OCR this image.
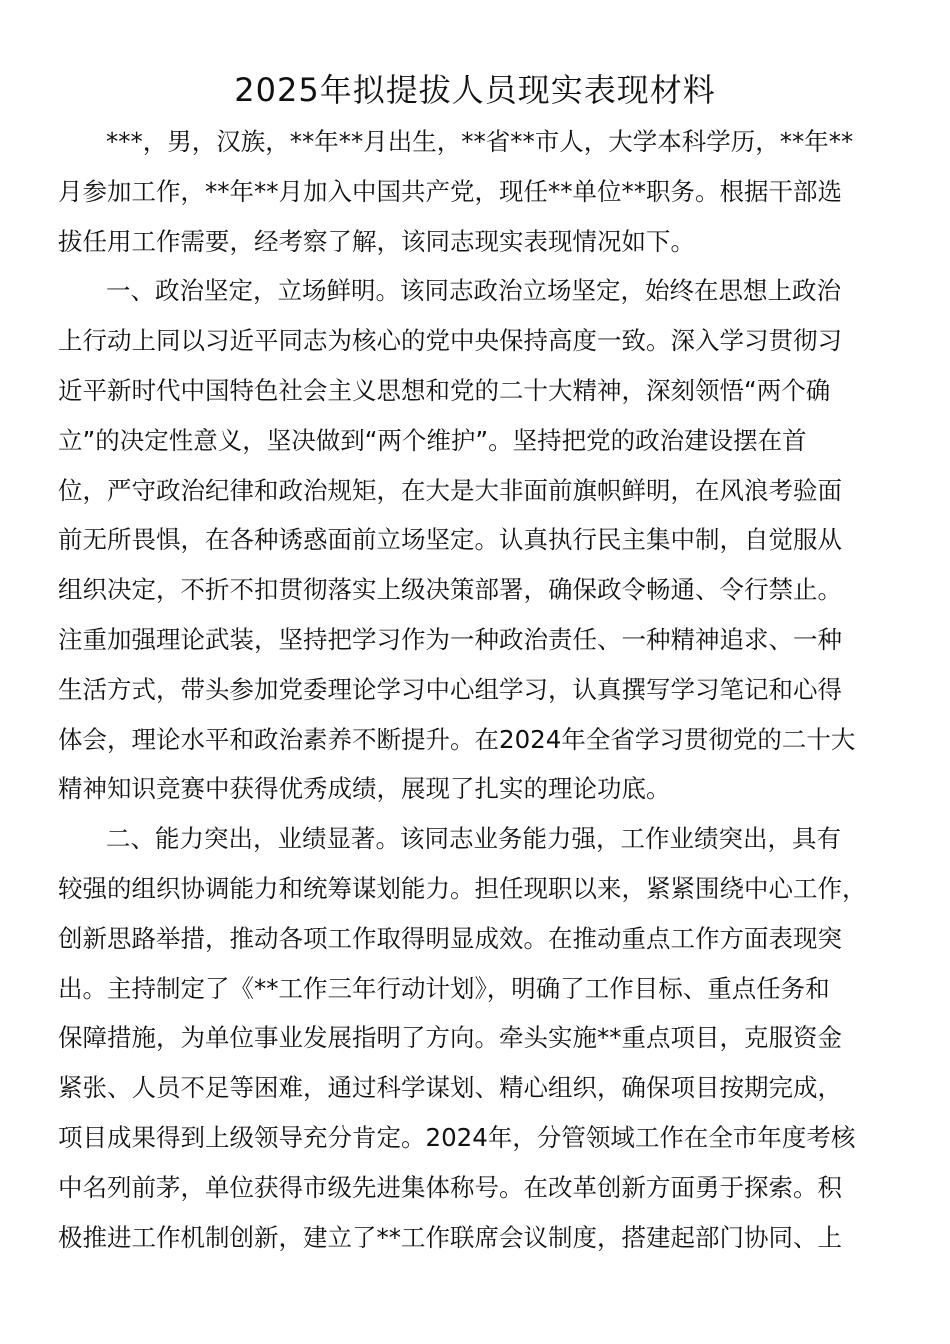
2025年拟提拔人员现实表现材料
***，男，汉族，**年**月出生，**省**市人，大学本科学历，**年**
月参加工作，**年**月加入中国共产党，现任**单位**职务。根据干部选
拔任用工作需要，经考察了解，该同志现实表现情况如下。
一、政治坚定，立场鲜明。该同志政治立场坚定，始终在思想上政治
上行动上同以习近平同志为核心的党中央保持高度一致。深入学习贯彻习
近平新时代中国特色社会主义思想和党的二十大精神，深刻领悟“两个确
立”的决定性意义，坚决做到“两个维护”。坚持把党的政治建设摆在首
位，严守政治纪律和政治规矩，在大是大非面前旗帜鲜明，在风浪考验面
前无所畏惧，在各种诱惑面前立场坚定。认真执行民主集中制，自觉服从
组织决定，不折不扣贯彻落实上级决策部署，确保政令畅通、令行禁止。
注重加强理论武装，坚持把学习作为一种政治责任、一种精神追求、一种
生活方式，带头参加党委理论学习中心组学习，认真撰写学习笔记和心得
体会，理论水平和政治素养不断提升。在2024年全省学习贯彻党的二十大
精神知识竞赛中获得优秀成绩，展现了扎实的理论功底。
二、能力突出，业绩显著。该同志业务能力强，工作业绩突出，具有
较强的组织协调能力和统筹谋划能力。担任现职以来，紧紧围绕中心工作，
创新思路举措，推动各项工作取得明显成效。在推动重点工作方面表现突
出。主持制定了《**工作三年行动计划》，明确了工作目标、重点任务和
保障措施，为单位事业发展指明了方向。牵头实施**重点项目，克服资金
紧张、人员不足等困难，通过科学谋划、精心组织，确保项目按期完成，
项目成果得到上级领导充分肯定。2024年，分管领域工作在全市年度考核
中名列前茅，单位获得市级先进集体称号。在改革创新方面勇于探索。积
极推进工作机制创新，建立了**工作联席会议制度，搭建起部门协同、上
